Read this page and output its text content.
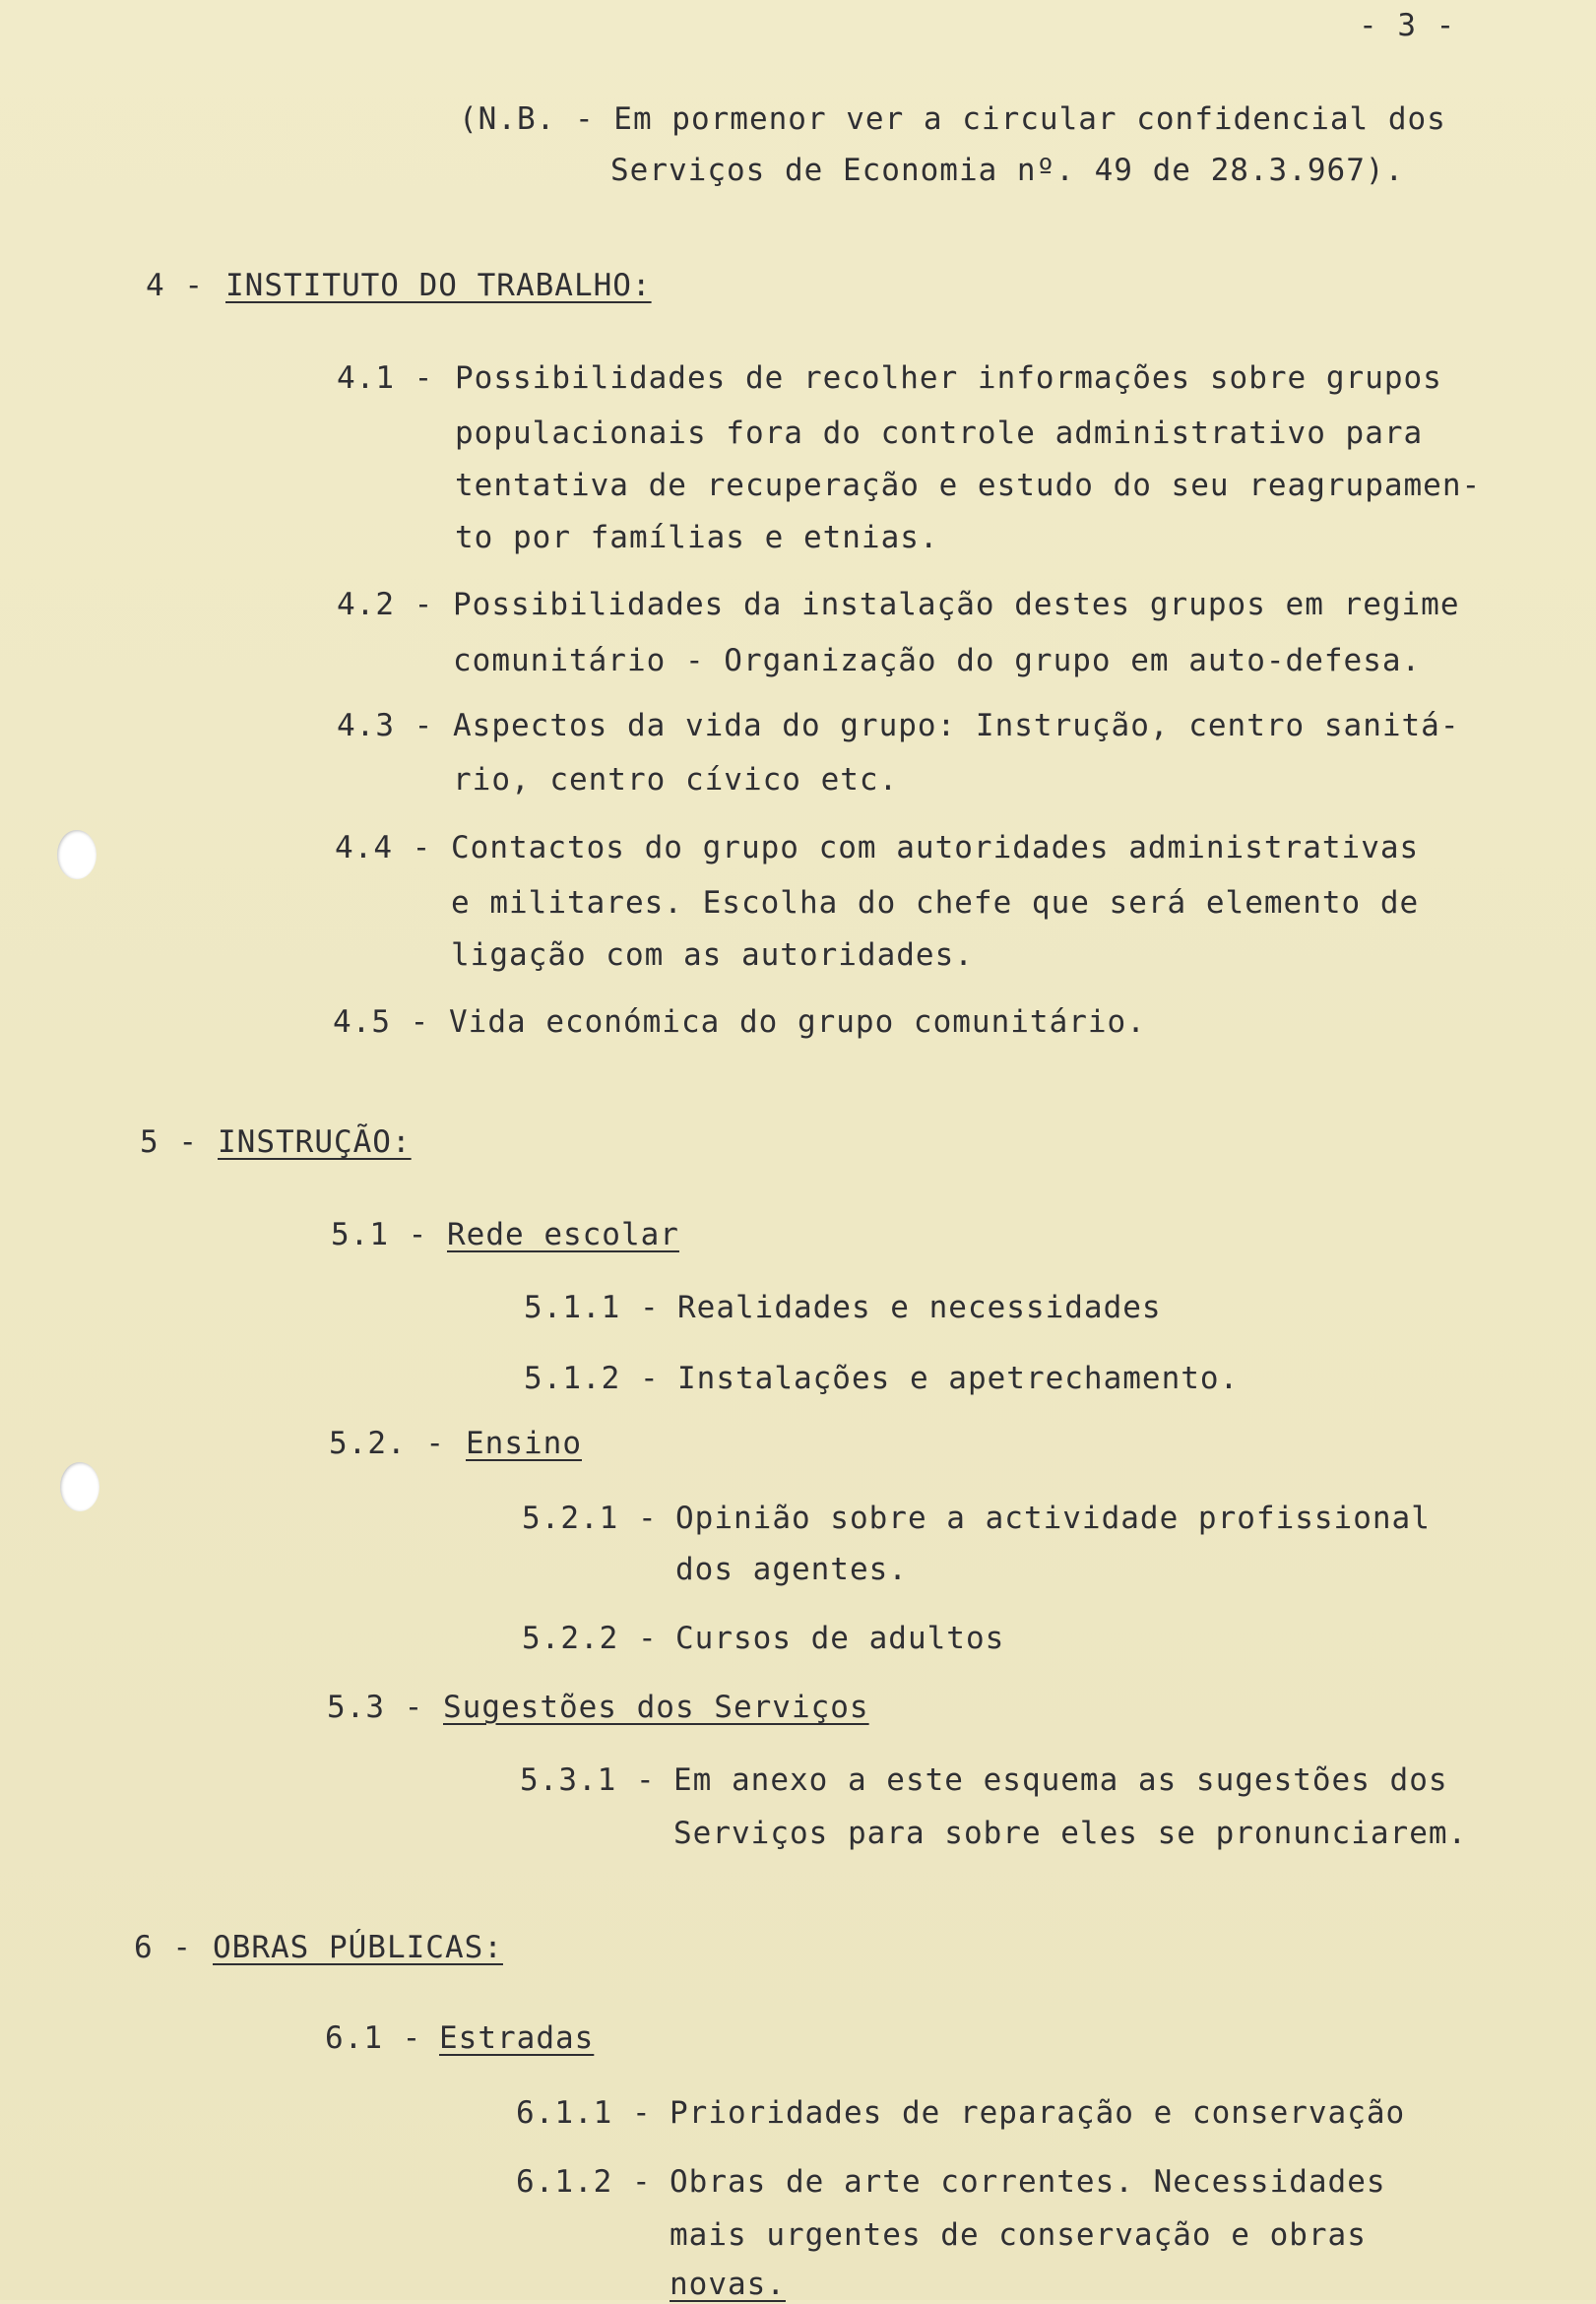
- 3 -
(N.B. - Em pormenor ver a circular confidencial dos
Serviços de Economia nº. 49 de 28.3.967).
4 - INSTITUTO DO TRABALHO:
4.1 - Possibilidades de recolher informações sobre grupos
populacionais fora do controle administrativo para
tentativa de recuperação e estudo do seu reagrupamen-
to por famílias e etnias.
4.2 - Possibilidades da instalação destes grupos em regime
comunitário - Organização do grupo em auto-defesa.
4.3 - Aspectos da vida do grupo: Instrução, centro sanitá-
rio, centro cívico etc.
4.4 - Contactos do grupo com autoridades administrativas
e militares. Escolha do chefe que será elemento de
ligação com as autoridades.
4.5 - Vida económica do grupo comunitário.
5 - INSTRUÇÃO:
5.1 - Rede escolar
5.1.1 - Realidades e necessidades
5.1.2 - Instalações e apetrechamento.
5.2. - Ensino
5.2.1 - Opinião sobre a actividade profissional
dos agentes.
5.2.2 - Cursos de adultos
5.3 - Sugestões dos Serviços
5.3.1 - Em anexo a este esquema as sugestões dos
Serviços para sobre eles se pronunciarem.
6 - OBRAS PÚBLICAS:
6.1 - Estradas
6.1.1 - Prioridades de reparação e conservação
6.1.2 - Obras de arte correntes. Necessidades
mais urgentes de conservação e obras
novas.
